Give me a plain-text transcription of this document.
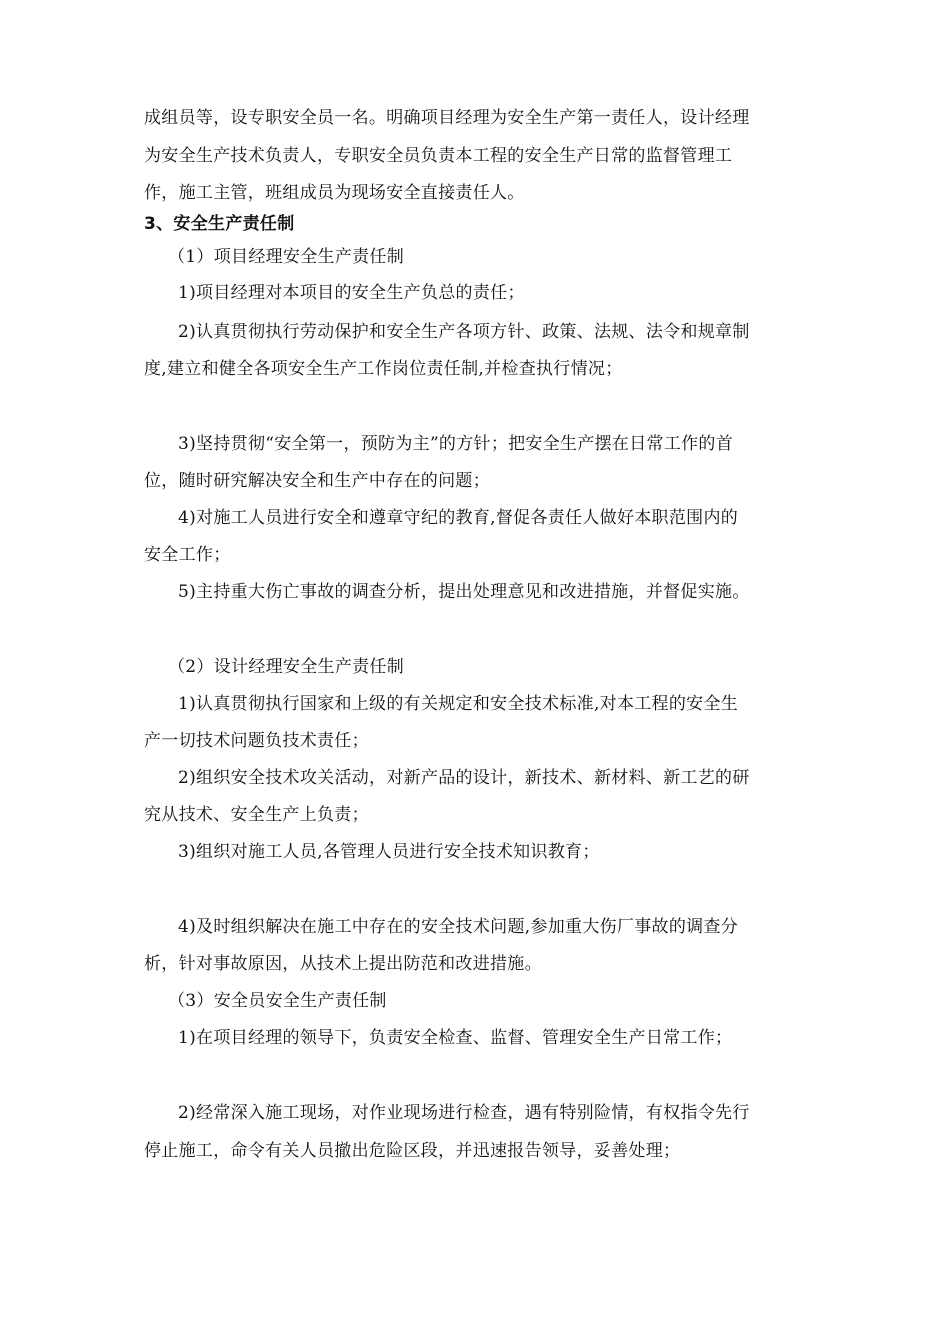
成组员等，设专职安全员一名。明确项目经理为安全生产第一责任人，设计经理
为安全生产技术负责人，专职安全员负责本工程的安全生产日常的监督管理工
作，施工主管，班组成员为现场安全直接责任人。
3、安全生产责任制
（1）项目经理安全生产责任制
1)项目经理对本项目的安全生产负总的责任；
2)认真贯彻执行劳动保护和安全生产各项方针、政策、法规、法令和规章制
度,建立和健全各项安全生产工作岗位责任制,并检查执行情况；
3)坚持贯彻“安全第一，预防为主”的方针；把安全生产摆在日常工作的首
位，随时研究解决安全和生产中存在的问题；
4)对施工人员进行安全和遵章守纪的教育,督促各责任人做好本职范围内的
安全工作；
5)主持重大伤亡事故的调查分析，提出处理意见和改进措施，并督促实施。
（2）设计经理安全生产责任制
1)认真贯彻执行国家和上级的有关规定和安全技术标准,对本工程的安全生
产一切技术问题负技术责任；
2)组织安全技术攻关活动，对新产品的设计，新技术、新材料、新工艺的研
究从技术、安全生产上负责；
3)组织对施工人员,各管理人员进行安全技术知识教育；
4)及时组织解决在施工中存在的安全技术问题,参加重大伤厂事故的调查分
析，针对事故原因，从技术上提出防范和改进措施。
（3）安全员安全生产责任制
1)在项目经理的领导下，负责安全检查、监督、管理安全生产日常工作；
2)经常深入施工现场，对作业现场进行检查，遇有特别险情，有权指令先行
停止施工，命令有关人员撤出危险区段，并迅速报告领导，妥善处理；
